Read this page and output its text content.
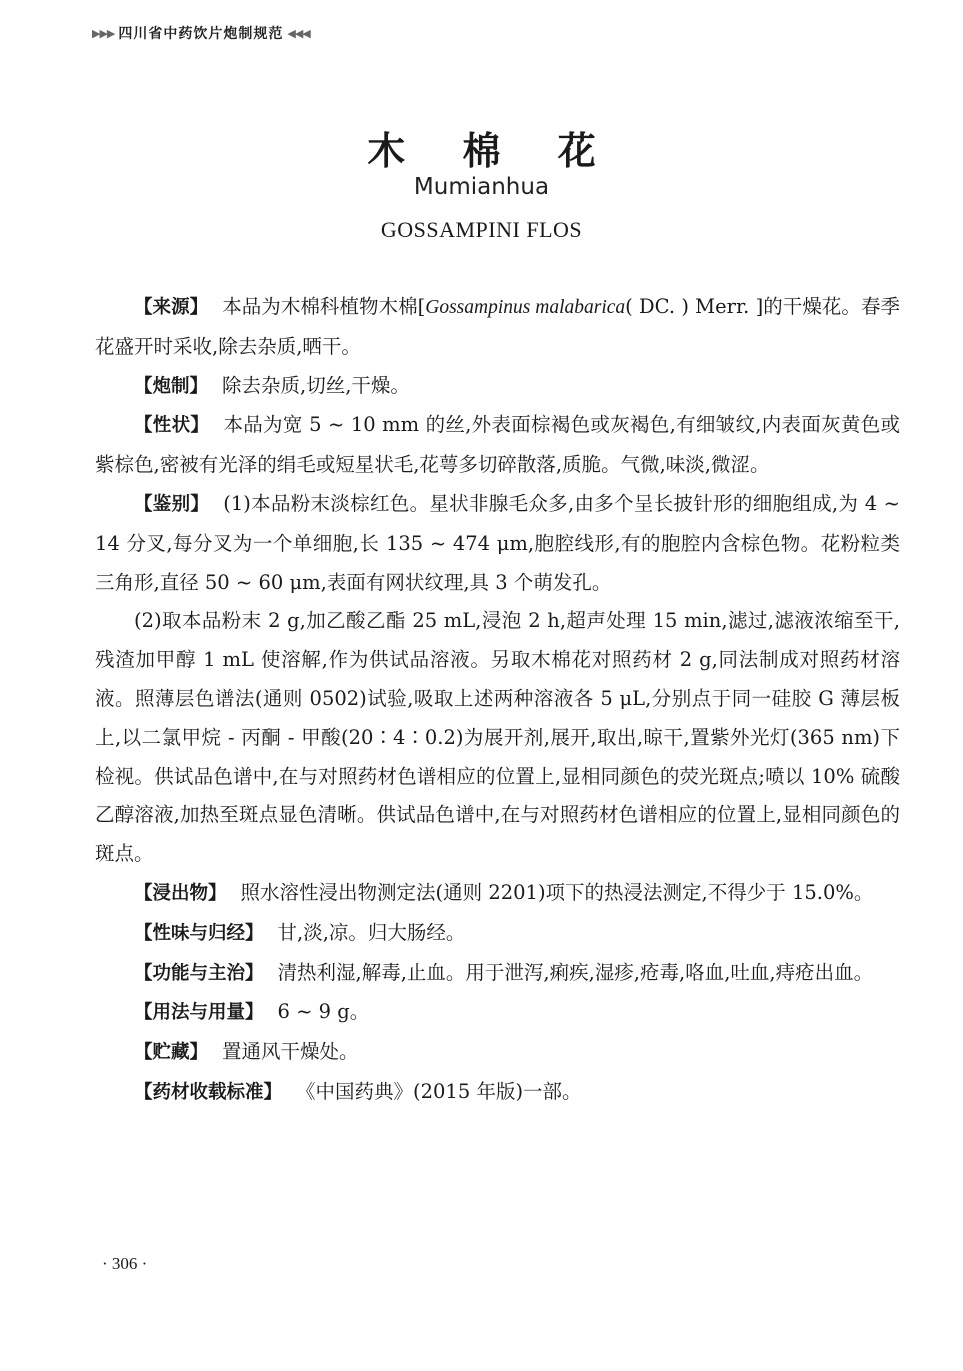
▶▶▶ 四川省中药饮片炮制规范 ◀◀◀
木 棉 花
Mumianhua
GOSSAMPINI FLOS

【来源】 本品为木棉科植物木棉[Gossampinus malabarica( DC. ) Merr. ]的干燥花。春季花盛开时采收,除去杂质,晒干。

【炮制】 除去杂质,切丝,干燥。

【性状】 本品为宽 5 ~ 10 mm 的丝,外表面棕褐色或灰褐色,有细皱纹,内表面灰黄色或紫棕色,密被有光泽的绢毛或短星状毛,花萼多切碎散落,质脆。气微,味淡,微涩。

【鉴别】 (1)本品粉末淡棕红色。星状非腺毛众多,由多个呈长披针形的细胞组成,为 4 ~ 14 分叉,每分叉为一个单细胞,长 135 ~ 474 μm,胞腔线形,有的胞腔内含棕色物。花粉粒类三角形,直径 50 ~ 60 μm,表面有网状纹理,具 3 个萌发孔。

(2)取本品粉末 2 g,加乙酸乙酯 25 mL,浸泡 2 h,超声处理 15 min,滤过,滤液浓缩至干,残渣加甲醇 1 mL 使溶解,作为供试品溶液。另取木棉花对照药材 2 g,同法制成对照药材溶液。照薄层色谱法(通则 0502)试验,吸取上述两种溶液各 5 μL,分别点于同一硅胶 G 薄层板上,以二氯甲烷 - 丙酮 - 甲酸(20∶4∶0.2)为展开剂,展开,取出,晾干,置紫外光灯(365 nm)下检视。供试品色谱中,在与对照药材色谱相应的位置上,显相同颜色的荧光斑点;喷以 10% 硫酸乙醇溶液,加热至斑点显色清晰。供试品色谱中,在与对照药材色谱相应的位置上,显相同颜色的斑点。

【浸出物】 照水溶性浸出物测定法(通则 2201)项下的热浸法测定,不得少于 15.0%。

【性味与归经】 甘,淡,凉。归大肠经。

【功能与主治】 清热利湿,解毒,止血。用于泄泻,痢疾,湿疹,疮毒,咯血,吐血,痔疮出血。

【用法与用量】 6 ~ 9 g。

【贮藏】 置通风干燥处。

【药材收载标准】 《中国药典》(2015 年版)一部。

· 306 ·
